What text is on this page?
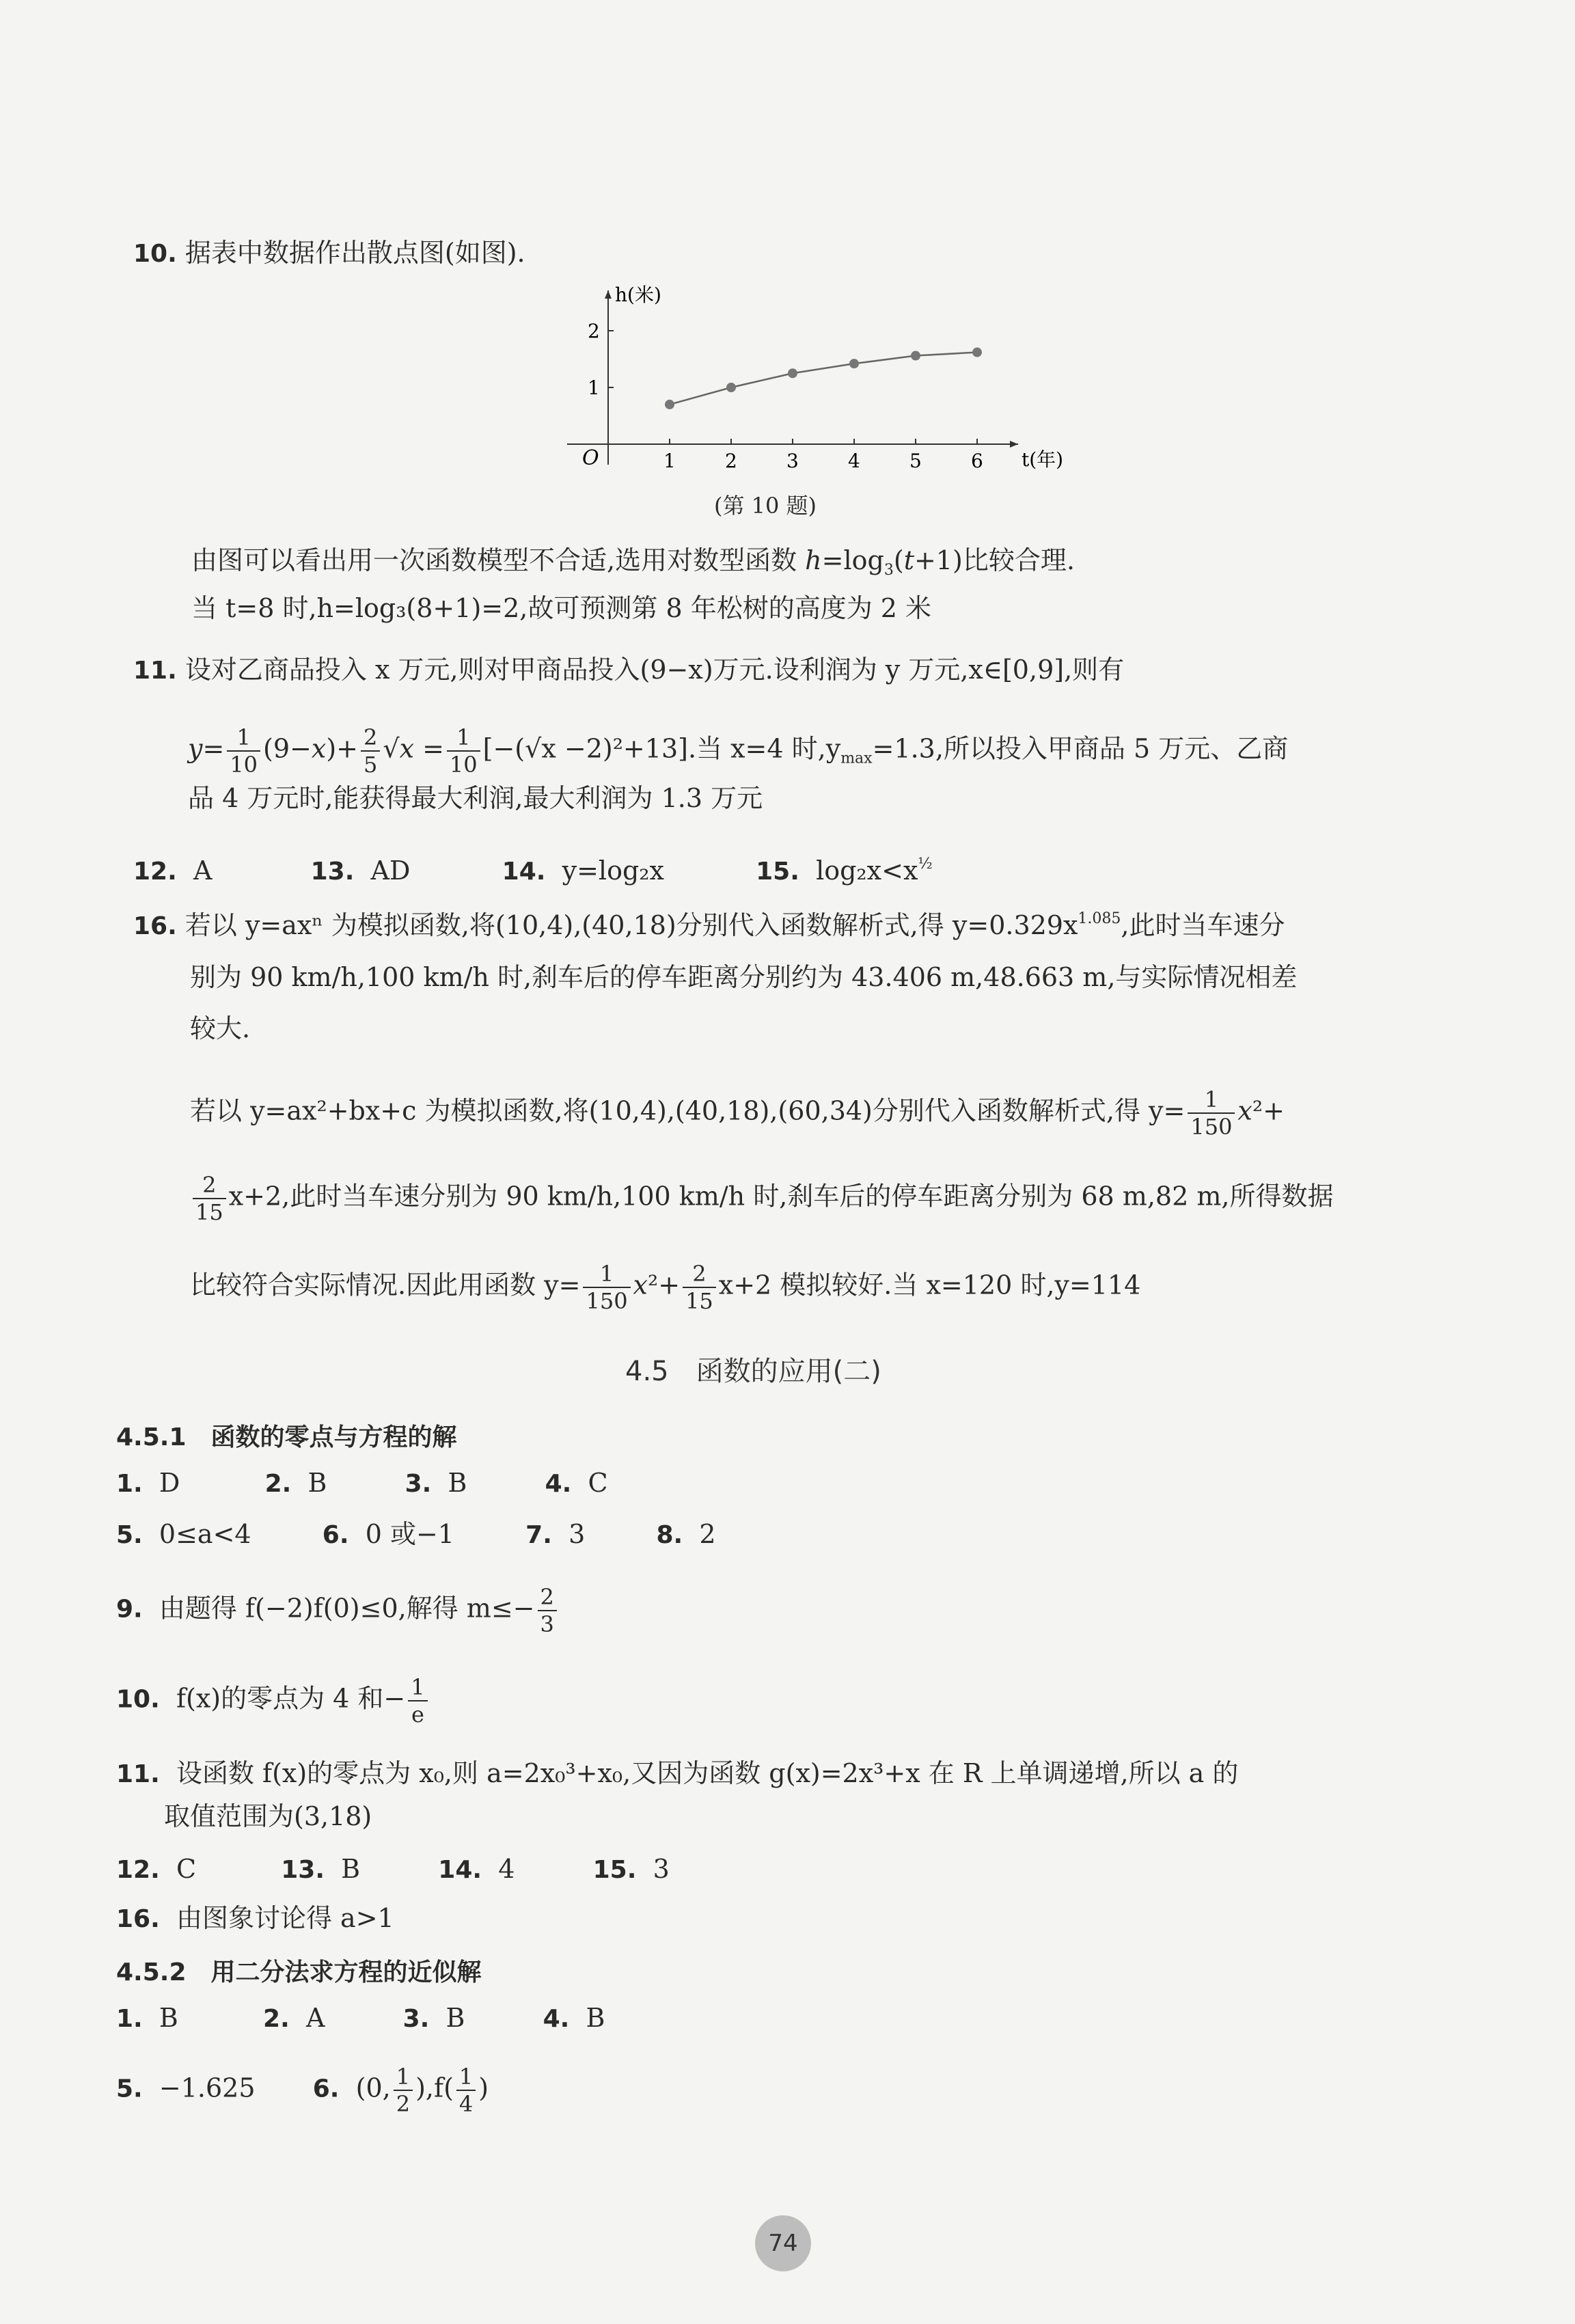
10. 据表中数据作出散点图(如图).
O
h(米)
t(年)
1	2	3	4	5	6
1
2
(第 10 题)
由图可以看出用一次函数模型不合适,选用对数型函数 $h=\log_3(t+1)$比较合理.
当 t=8 时,h=log₃(8+1)=2,故可预测第 8 年松树的高度为 2 米
11. 设对乙商品投入 x 万元,则对甲商品投入(9−x)万元.设利润为 y 万元,x∈[0,9],则有
$y= \frac{1}{10} (9-x)+ \frac{2}{5} √x = \frac{1}{10} [-(√x -2)^2+13]$.当 x=4 时$,y_{max}=1.3$,所以投入甲商品 5 万元、乙商
品 4 万元时,能获得最大利润,最大利润为 1.3 万元
12. A	13. AD	14. y=log₂x	15. $\log_2x<x^{\frac{1}{2}}$
16. 若以 y=axⁿ 为模拟函数,将(10,4),(40,18)分别代入函数解析式,得 $y=0.329x^{1.085}$,此时当车速分
别为 90 km/h,100 km/h 时,刹车后的停车距离分别约为 43.406 m,48.663 m,与实际情况相差
较大.
若以 y=ax²+bx+c 为模拟函数,将(10,4),(40,18),(60,34)分别代入函数解析式,得 $y= \frac{1}{150} x^2+$
$\frac{2}{15} x+2$,此时当车速分别为 90 km/h,100 km/h 时,刹车后的停车距离分别为 68 m,82 m,所得数据
比较符合实际情况.因此用函数 $y= \frac{1}{150} x^2+ \frac{2}{15} x+2$ 模拟较好.当 x=120 时,y=114
4.5　函数的应用(二)
4.5.1　函数的零点与方程的解
1. D	2. B	3. B	4. C
5. 0≤a<4	6. 0 或−1	7. 3	8. 2
9. 由题得 f(−2)f(0)≤0,解得 $m\le- \frac{2}{3}$
10. f(x)的零点为 4 和− $\frac{1}{e}$
11. 设函数 f(x)的零点为 x₀,则 a=2x₀³+x₀,又因为函数 g(x)=2x³+x 在 R 上单调递增,所以 a 的
取值范围为(3,18)
12. C	13. B	14. 4	15. 3
16. 由图象讨论得 a>1
4.5.2　用二分法求方程的近似解
1. B	2. A	3. B	4. B
5. −1.625 6.  (0, $\frac{1}{2} ),f( \frac{1}{4}$ )
74
